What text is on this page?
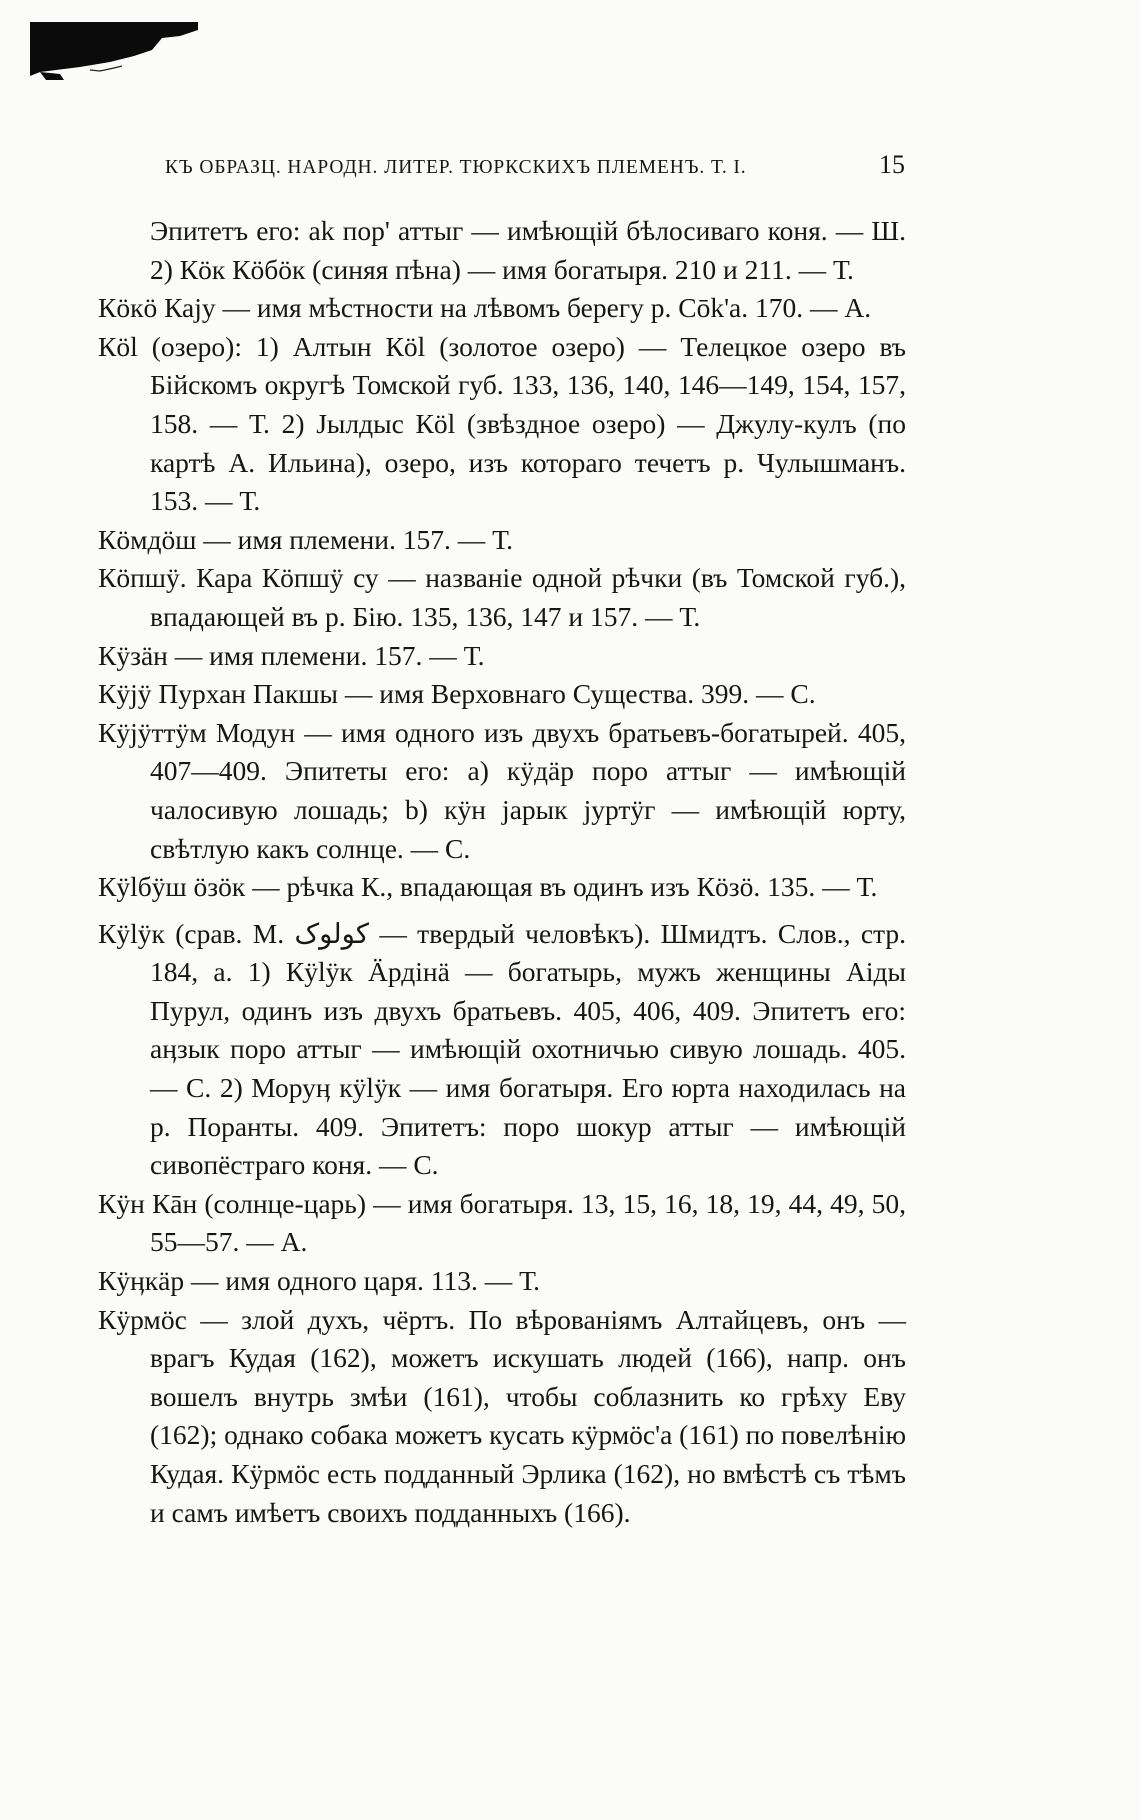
КЪ ОБРАЗЦ. НАРОДН. ЛИТЕР. ТЮРКСКИХЪ ПЛЕМЕНЪ. Т. I.	15

Эпитетъ его: ak пор' аттыг — имѣющій бѣлосиваго коня. — Ш. 2) Кӧк Кӧбӧк (синяя пѣна) — имя богатыря. 210 и 211. — Т.

Кӧкӧ Каjу — имя мѣстности на лѣвомъ берегу р. Сōk'а. 170. — А.

Кӧl (озеро): 1) Алтын Кӧl (золотое озеро) — Телецкое озеро въ Бійскомъ округѣ Томской губ. 133, 136, 140, 146—149, 154, 157, 158. — Т. 2) Јылдыс Кӧl (звѣздное озеро) — Джулу-кулъ (по картѣ А. Ильина), озеро, изъ котораго течетъ р. Чулышманъ. 153. — Т.

Кӧмдӧш — имя племени. 157. — Т.

Кӧпшӱ. Кара Кӧпшӱ су — названіе одной рѣчки (въ Томской губ.), впадающей въ р. Бію. 135, 136, 147 и 157. — Т.

Кӱзäн — имя племени. 157. — Т.

Кӱјӱ Пурхан Пакшы — имя Верховнаго Существа. 399. — С.

Кӱјӱттӱм Модун — имя одного изъ двухъ братьевъ-богатырей. 405, 407—409. Эпитеты его: a) кӱдäр поро аттыг — имѣющій чалосивую лошадь; b) кӱн јарык јуртӱг — имѣющій юрту, свѣтлую какъ солнце. — С.

Кӱlбӱш ӧзӧк — рѣчка К., впадающая въ одинъ изъ Кӧзӧ. 135. — Т.

Кӱlӱк (срав. М. کولوک — твердый человѣкъ). Шмидтъ. Слов., стр. 184, а. 1) Кӱlӱк Äрдінä — богатырь, мужъ женщины Аіды Пурул, одинъ изъ двухъ братьевъ. 405, 406, 409. Эпитетъ его: аӊзык поро аттыг — имѣющій охотничью сивую лошадь. 405. — С. 2) Моруӊ кӱlӱк — имя богатыря. Его юрта находилась на р. Поранты. 409. Эпитетъ: поро шокур аттыг — имѣющій сивопёстраго коня. — С.

Кӱн Кāн (солнце-царь) — имя богатыря. 13, 15, 16, 18, 19, 44, 49, 50, 55—57. — А.

Кӱӊкäр — имя одного царя. 113. — Т.

Кӱрмӧс — злой духъ, чёртъ. По вѣрованіямъ Алтайцевъ, онъ — врагъ Кудая (162), можетъ искушать людей (166), напр. онъ вошелъ внутрь змѣи (161), чтобы соблазнить ко грѣху Еву (162); однако собака можетъ кусать кӱрмӧс'а (161) по повелѣнію Кудая. Кӱрмӧс есть подданный Эрлика (162), но вмѣстѣ съ тѣмъ и самъ имѣетъ своихъ подданныхъ (166).
